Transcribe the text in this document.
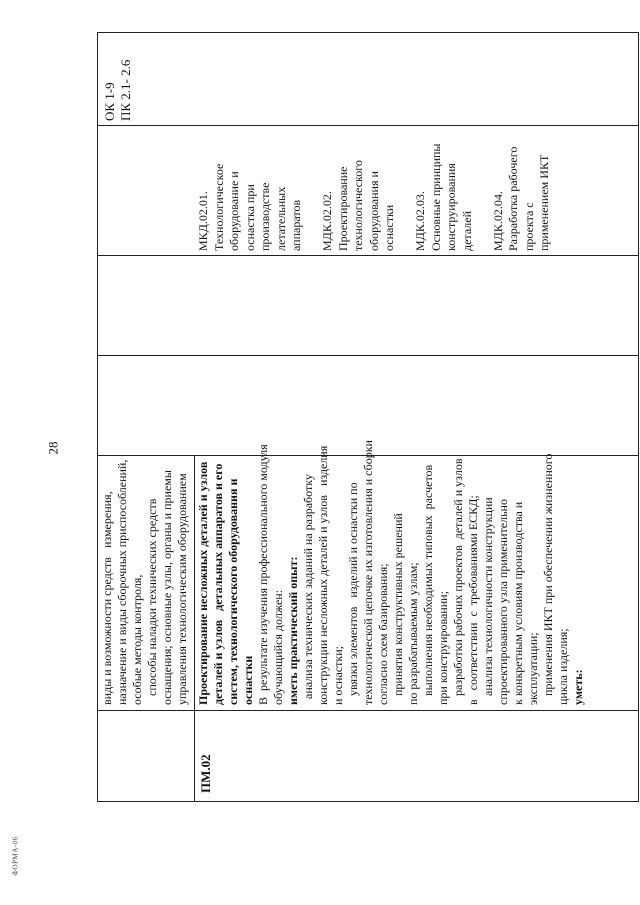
28
ФОРМА-06
виды и возможности средств   измерения, назначение и виды сборочных приспособлений, особые методы контроля, способы наладки технических средств оснащения; основные узлы, органы и приемы управления технологическим оборудованием
ПМ.02
Проектирование несложных деталей и узлов деталей и узлов   детальных аппаратов и его систем, технологического оборудования и оснастки В  результате изучения профессионального модуля обучающийся должен: иметь практический опыт: анализа технических заданий на разработку конструкции несложных деталей и узлов   изделия и оснастки; увязки элементов   изделий и оснастки по технологической цепочке их изготовления и сборки согласно схем базирования; принятия конструктивных решений по разрабатываемым узлам; выполнения необходимых типовых  расчетов при конструировании; разработки рабочих проектов  деталей и узлов в   соответствии  с  требованиями ЕСКД; анализа технологичности конструкции спроектированного узла применительно к конкретным условиям производства и эксплуатации; применения ИКТ при обеспечении жизненного цикла изделия; уметь:
МКД.02.01. Технологическое оборудование и оснастка при производстве летательных аппаратов
МДК.02.02. Проектирование технологического оборудования и оснастки
МДК.02.03. Основные принципы конструирования деталей
МДК.02.04. Разработка рабочего проекта с применением ИКТ
ОК 1-9 ПК 2.1- 2.6
